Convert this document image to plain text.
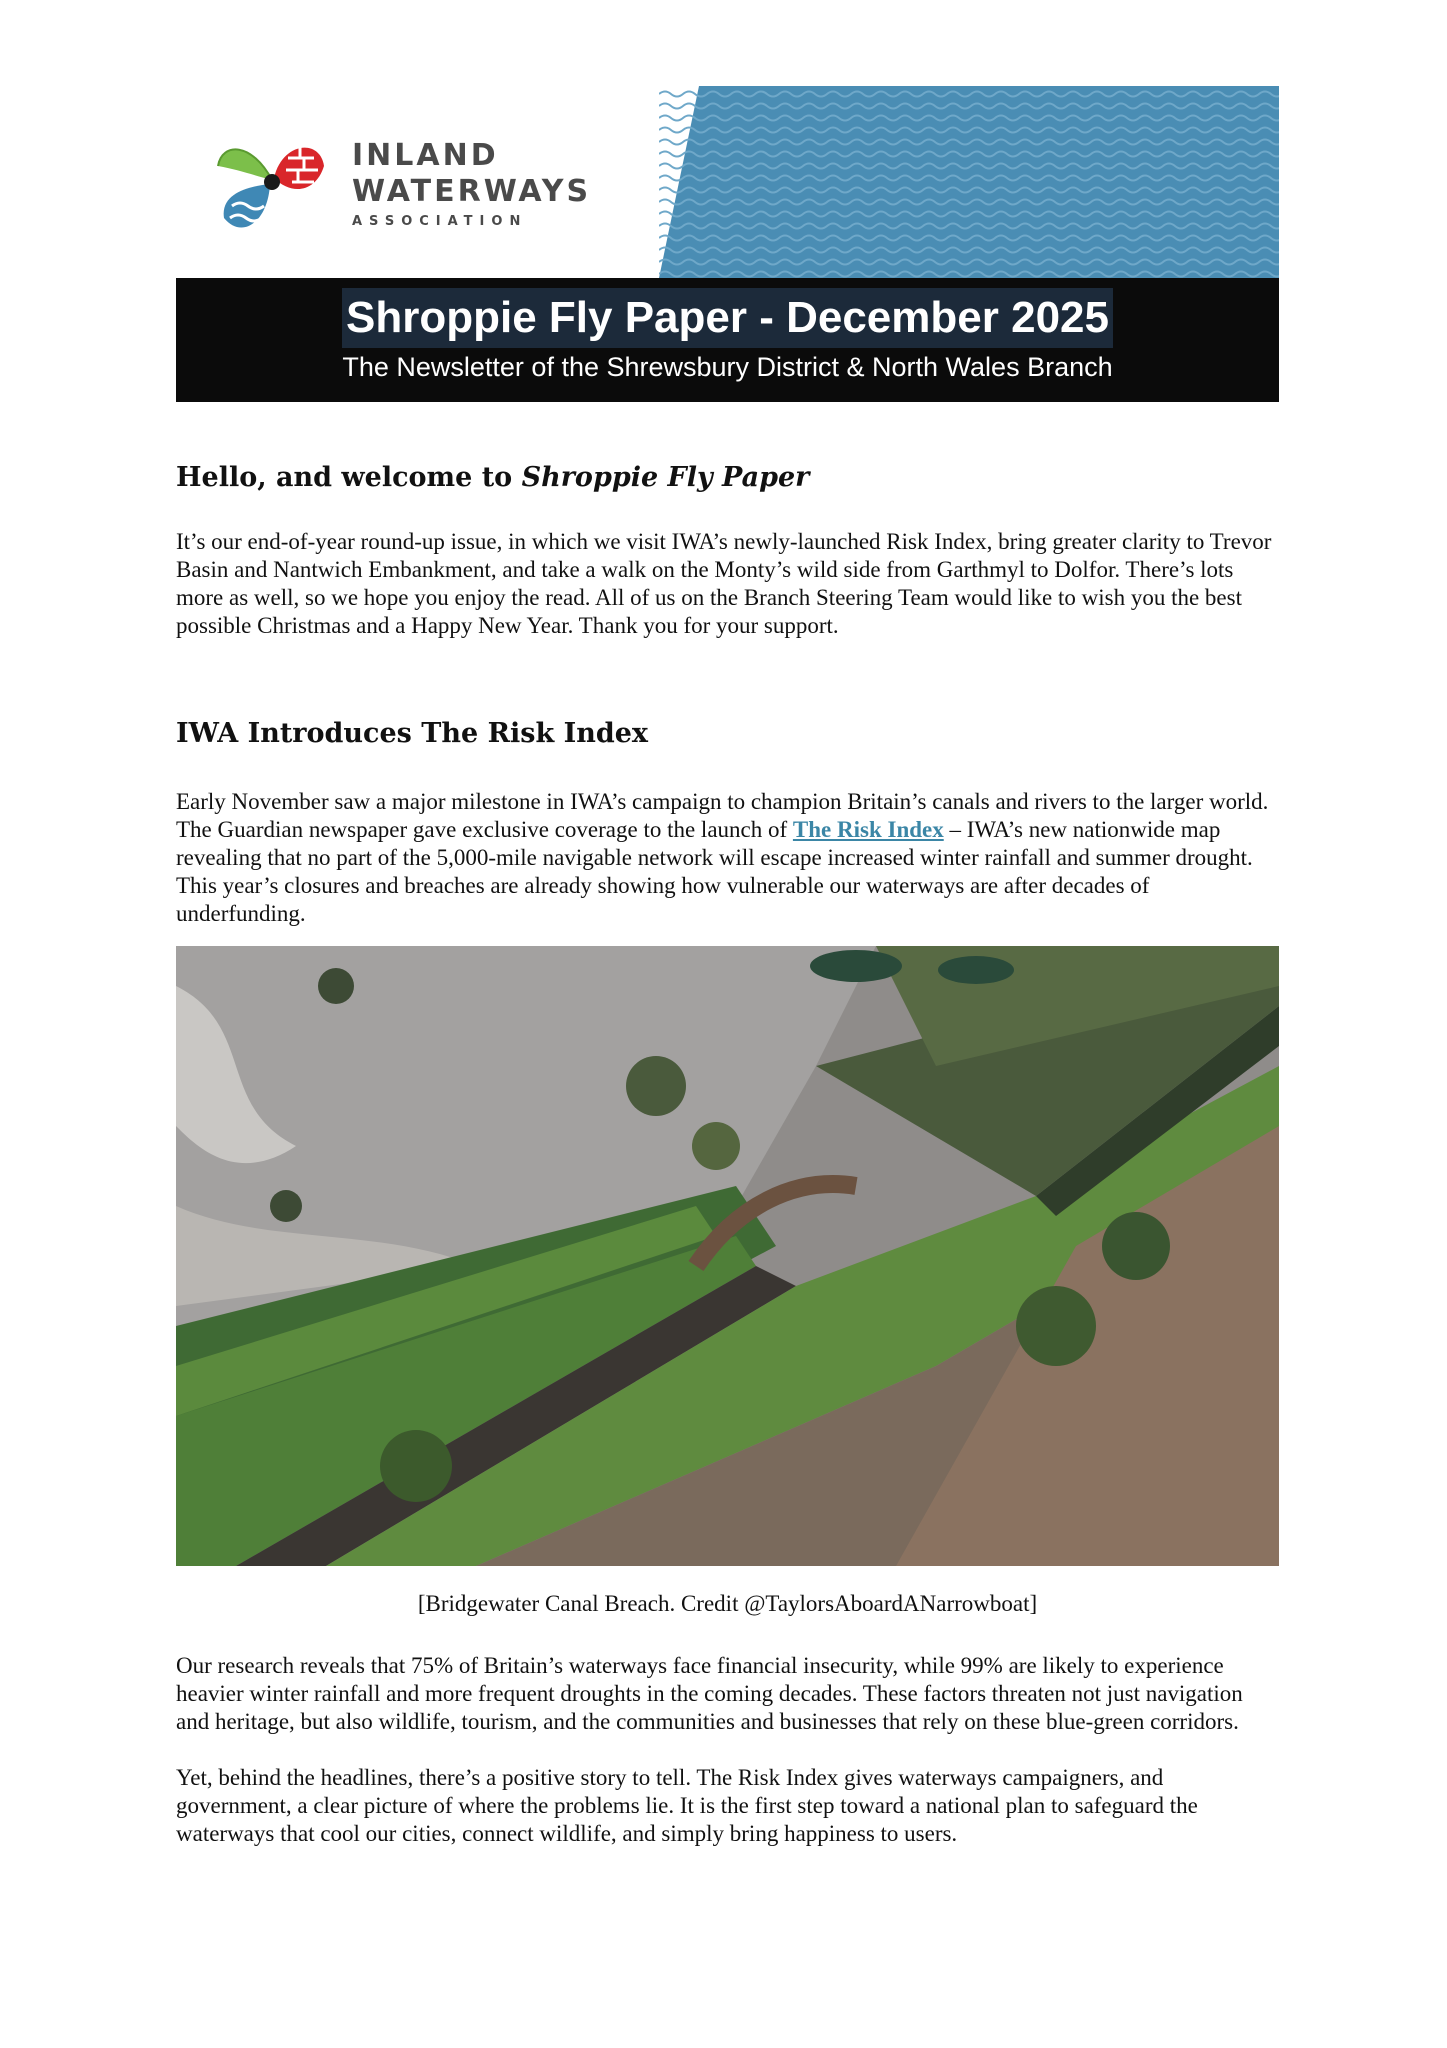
INLAND
WATERWAYS
ASSOCIATION
Shroppie Fly Paper - December 2025
The Newsletter of the Shrewsbury District & North Wales Branch
Hello, and welcome to Shroppie Fly Paper

It’s our end-of-year round-up issue, in which we visit IWA’s newly-launched Risk Index, bring greater clarity to Trevor Basin and Nantwich Embankment, and take a walk on the Monty’s wild side from Garthmyl to Dolfor. There’s lots more as well, so we hope you enjoy the read. All of us on the Branch Steering Team would like to wish you the best possible Christmas and a Happy New Year. Thank you for your support.

IWA Introduces The Risk Index

Early November saw a major milestone in IWA’s campaign to champion Britain’s canals and rivers to the larger world. The Guardian newspaper gave exclusive coverage to the launch of The Risk Index – IWA’s new nationwide map revealing that no part of the 5,000-mile navigable network will escape increased winter rainfall and summer drought. This year’s closures and breaches are already showing how vulnerable our waterways are after decades of underfunding.

[Bridgewater Canal Breach. Credit @TaylorsAboardANarrowboat]

Our research reveals that 75% of Britain’s waterways face financial insecurity, while 99% are likely to experience heavier winter rainfall and more frequent droughts in the coming decades. These factors threaten not just navigation and heritage, but also wildlife, tourism, and the communities and businesses that rely on these blue-green corridors.

Yet, behind the headlines, there’s a positive story to tell. The Risk Index gives waterways campaigners, and government, a clear picture of where the problems lie. It is the first step toward a national plan to safeguard the waterways that cool our cities, connect wildlife, and simply bring happiness to users.
